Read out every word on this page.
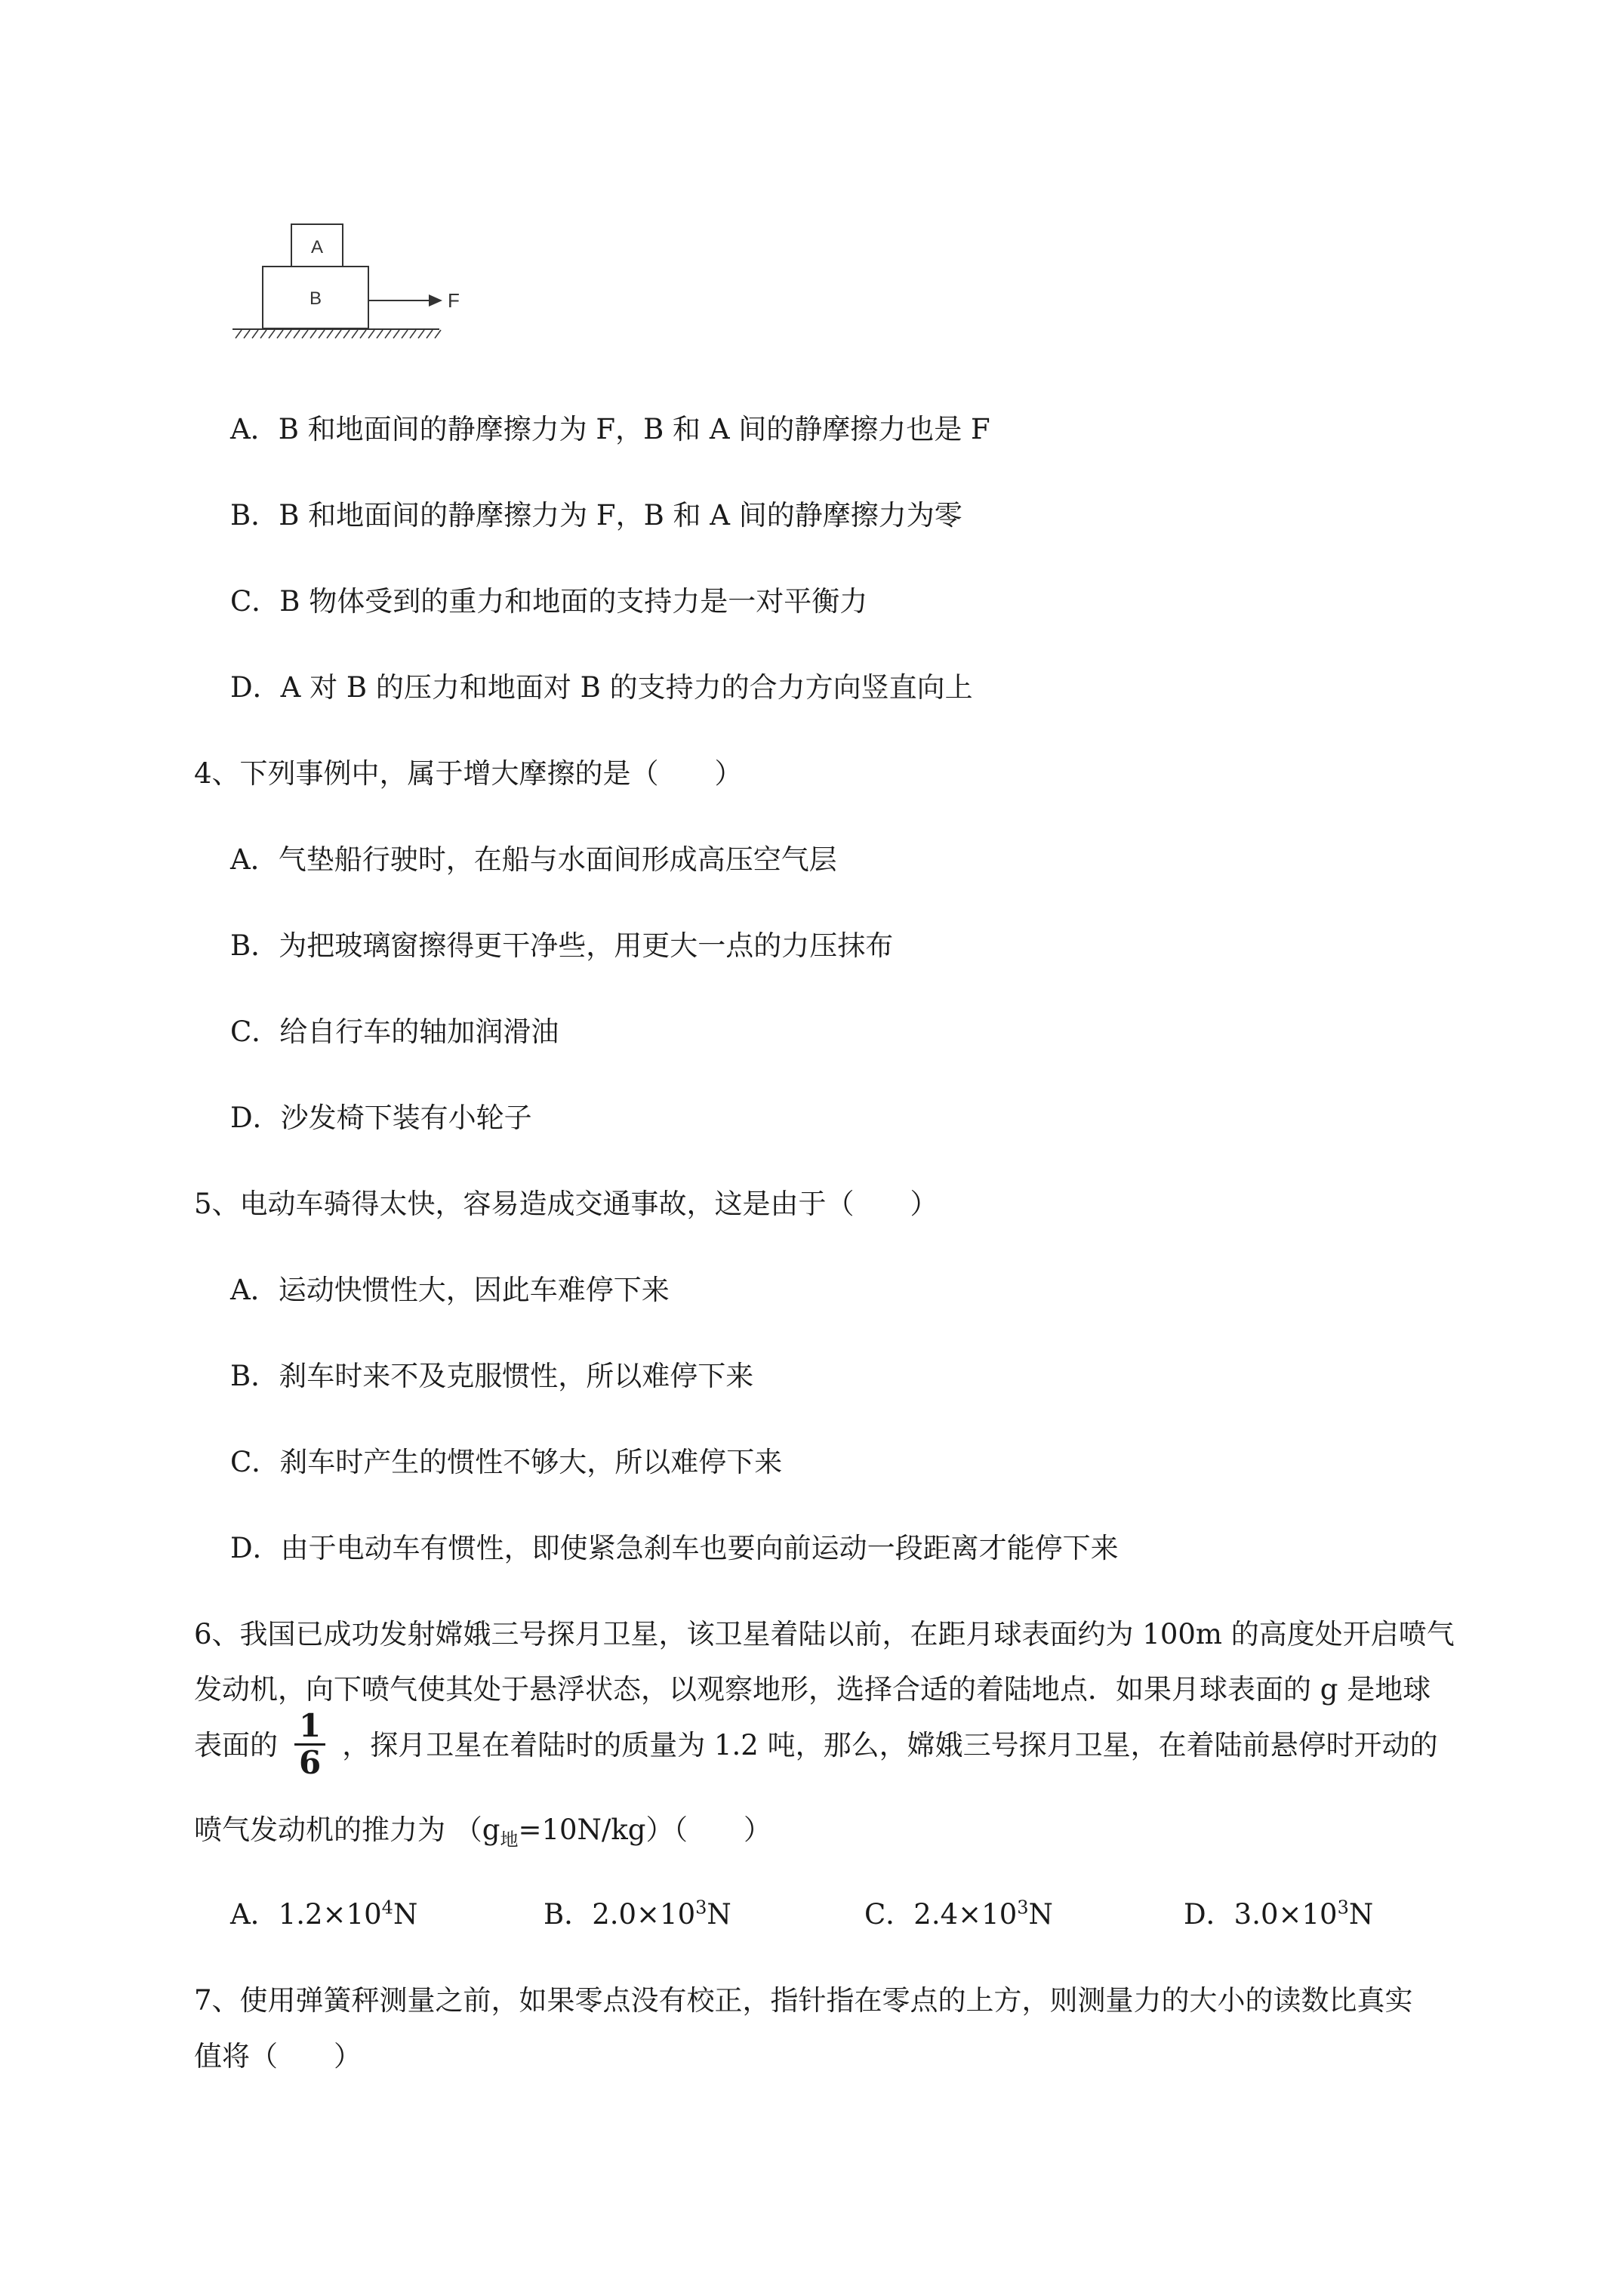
A
B	F
A．B 和地面间的静摩擦力为 F，B 和 A 间的静摩擦力也是 F
B．B 和地面间的静摩擦力为 F，B 和 A 间的静摩擦力为零
C．B 物体受到的重力和地面的支持力是一对平衡力
D．A 对 B 的压力和地面对 B 的支持力的合力方向竖直向上
4、下列事例中，属于增大摩擦的是（　　）
A．气垫船行驶时，在船与水面间形成高压空气层
B．为把玻璃窗擦得更干净些，用更大一点的力压抹布
C．给自行车的轴加润滑油
D．沙发椅下装有小轮子
5、电动车骑得太快，容易造成交通事故，这是由于（　　）
A．运动快惯性大，因此车难停下来
B．刹车时来不及克服惯性，所以难停下来
C．刹车时产生的惯性不够大，所以难停下来
D．由于电动车有惯性，即使紧急刹车也要向前运动一段距离才能停下来
6、我国已成功发射嫦娥三号探月卫星，该卫星着陆以前，在距月球表面约为 100m 的高度处开启喷气
发动机，向下喷气使其处于悬浮状态，以观察地形，选择合适的着陆地点．如果月球表面的 g 是地球
表面的 $\frac{1}{6}$ ，探月卫星在着陆时的质量为 1.2 吨，那么，嫦娥三号探月卫星，在着陆前悬停时开动的
喷气发动机的推力为 $(g_地=10N/kg)$（　　）
A．$1.2\times 10^4N$	B．$2.0\times 10^3N$	C．$2.4\times 10^3N$	D．$3.0\times 10^3N$
7、使用弹簧秤测量之前，如果零点没有校正，指针指在零点的上方，则测量力的大小的读数比真实
值将（　　）
